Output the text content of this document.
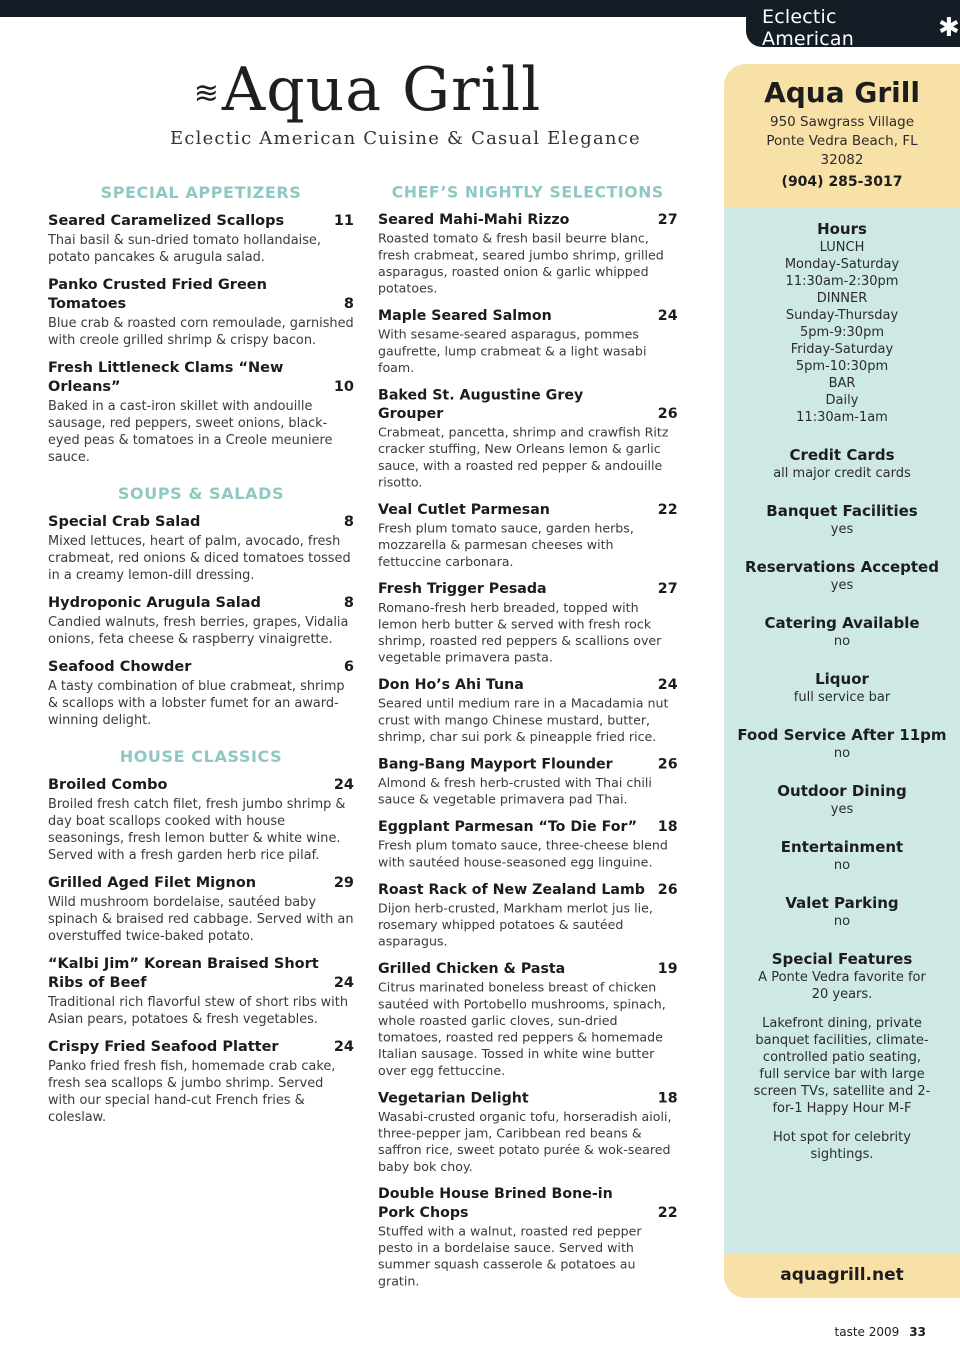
Eclectic American	✱
≋Aqua Grill
Eclectic American Cuisine & Casual Elegance
SPECIAL APPETIZERS
Seared Caramelized Scallops	11
Thai basil & sun-dried tomato hollandaise, potato pancakes & arugula salad.
Panko Crusted Fried Green Tomatoes	8
Blue crab & roasted corn remoulade, garnished with creole grilled shrimp & crispy bacon.
Fresh Littleneck Clams “New Orleans”	10
Baked in a cast-iron skillet with andouille sausage, red peppers, sweet onions, black-eyed peas & tomatoes in a Creole meuniere sauce.
SOUPS & SALADS
Special Crab Salad	8
Mixed lettuces, heart of palm, avocado, fresh crabmeat, red onions & diced tomatoes tossed in a creamy lemon-dill dressing.
Hydroponic Arugula Salad	8
Candied walnuts, fresh berries, grapes, Vidalia onions, feta cheese & raspberry vinaigrette.
Seafood Chowder	6
A tasty combination of blue crabmeat, shrimp & scallops with a lobster fumet for an award-winning delight.
HOUSE CLASSICS
Broiled Combo	24
Broiled fresh catch filet, fresh jumbo shrimp & day boat scallops cooked with house seasonings, fresh lemon butter & white wine. Served with a fresh garden herb rice pilaf.
Grilled Aged Filet Mignon	29
Wild mushroom bordelaise, sautéed baby spinach & braised red cabbage. Served with an overstuffed twice-baked potato.
“Kalbi Jim” Korean Braised Short Ribs of Beef	24
Traditional rich flavorful stew of short ribs with Asian pears, potatoes & fresh vegetables.
Crispy Fried Seafood Platter	24
Panko fried fresh fish, homemade crab cake, fresh sea scallops & jumbo shrimp. Served with our special hand-cut French fries & coleslaw.
CHEF’S NIGHTLY SELECTIONS
Seared Mahi-Mahi Rizzo	27
Roasted tomato & fresh basil beurre blanc, fresh crabmeat, seared jumbo shrimp, grilled asparagus, roasted onion & garlic whipped potatoes.
Maple Seared Salmon	24
With sesame-seared asparagus, pommes gaufrette, lump crabmeat & a light wasabi foam.
Baked St. Augustine Grey Grouper	26
Crabmeat, pancetta, shrimp and crawfish Ritz cracker stuffing, New Orleans lemon & garlic sauce, with a roasted red pepper & andouille risotto.
Veal Cutlet Parmesan	22
Fresh plum tomato sauce, garden herbs, mozzarella & parmesan cheeses with fettuccine carbonara.
Fresh Trigger Pesada	27
Romano-fresh herb breaded, topped with lemon herb butter & served with fresh rock shrimp, roasted red peppers & scallions over vegetable primavera pasta.
Don Ho’s Ahi Tuna	24
Seared until medium rare in a Macadamia nut crust with mango Chinese mustard, butter, shrimp, char sui pork & pineapple fried rice.
Bang-Bang Mayport Flounder	26
Almond & fresh herb-crusted with Thai chili sauce & vegetable primavera pad Thai.
Eggplant Parmesan “To Die For”	18
Fresh plum tomato sauce, three-cheese blend with sautéed house-seasoned egg linguine.
Roast Rack of New Zealand Lamb 26
Dijon herb-crusted, Markham merlot jus lie, rosemary whipped potatoes & sautéed asparagus.
Grilled Chicken & Pasta	19
Citrus marinated boneless breast of chicken sautéed with Portobello mushrooms, spinach, whole roasted garlic cloves, sun-dried tomatoes, roasted red peppers & homemade Italian sausage. Tossed in white wine butter over egg fettuccine.
Vegetarian Delight	18
Wasabi-crusted organic tofu, horseradish aioli, three-pepper jam, Caribbean red beans & saffron rice, sweet potato purée & wok-seared baby bok choy.
Double House Brined Bone-in Pork Chops	22
Stuffed with a walnut, roasted red pepper pesto in a bordelaise sauce. Served with summer squash casserole & potatoes au gratin.
Aqua Grill
950 Sawgrass Village
Ponte Vedra Beach, FL
32082
(904) 285-3017
Hours
LUNCH
Monday-Saturday
11:30am-2:30pm
DINNER
Sunday-Thursday
5pm-9:30pm
Friday-Saturday
5pm-10:30pm
BAR
Daily
11:30am-1am
Credit Cards
all major credit cards
Banquet Facilities
yes
Reservations Accepted
yes
Catering Available
no
Liquor
full service bar
Food Service After 11pm
no
Outdoor Dining
yes
Entertainment
no
Valet Parking
no
Special Features
A Ponte Vedra favorite for 20 years.
Lakefront dining, private banquet facilities, climate-controlled patio seating, full service bar with large screen TVs, satellite and 2-for-1 Happy Hour M-F
Hot spot for celebrity sightings.
aquagrill.net
taste 2009 33
